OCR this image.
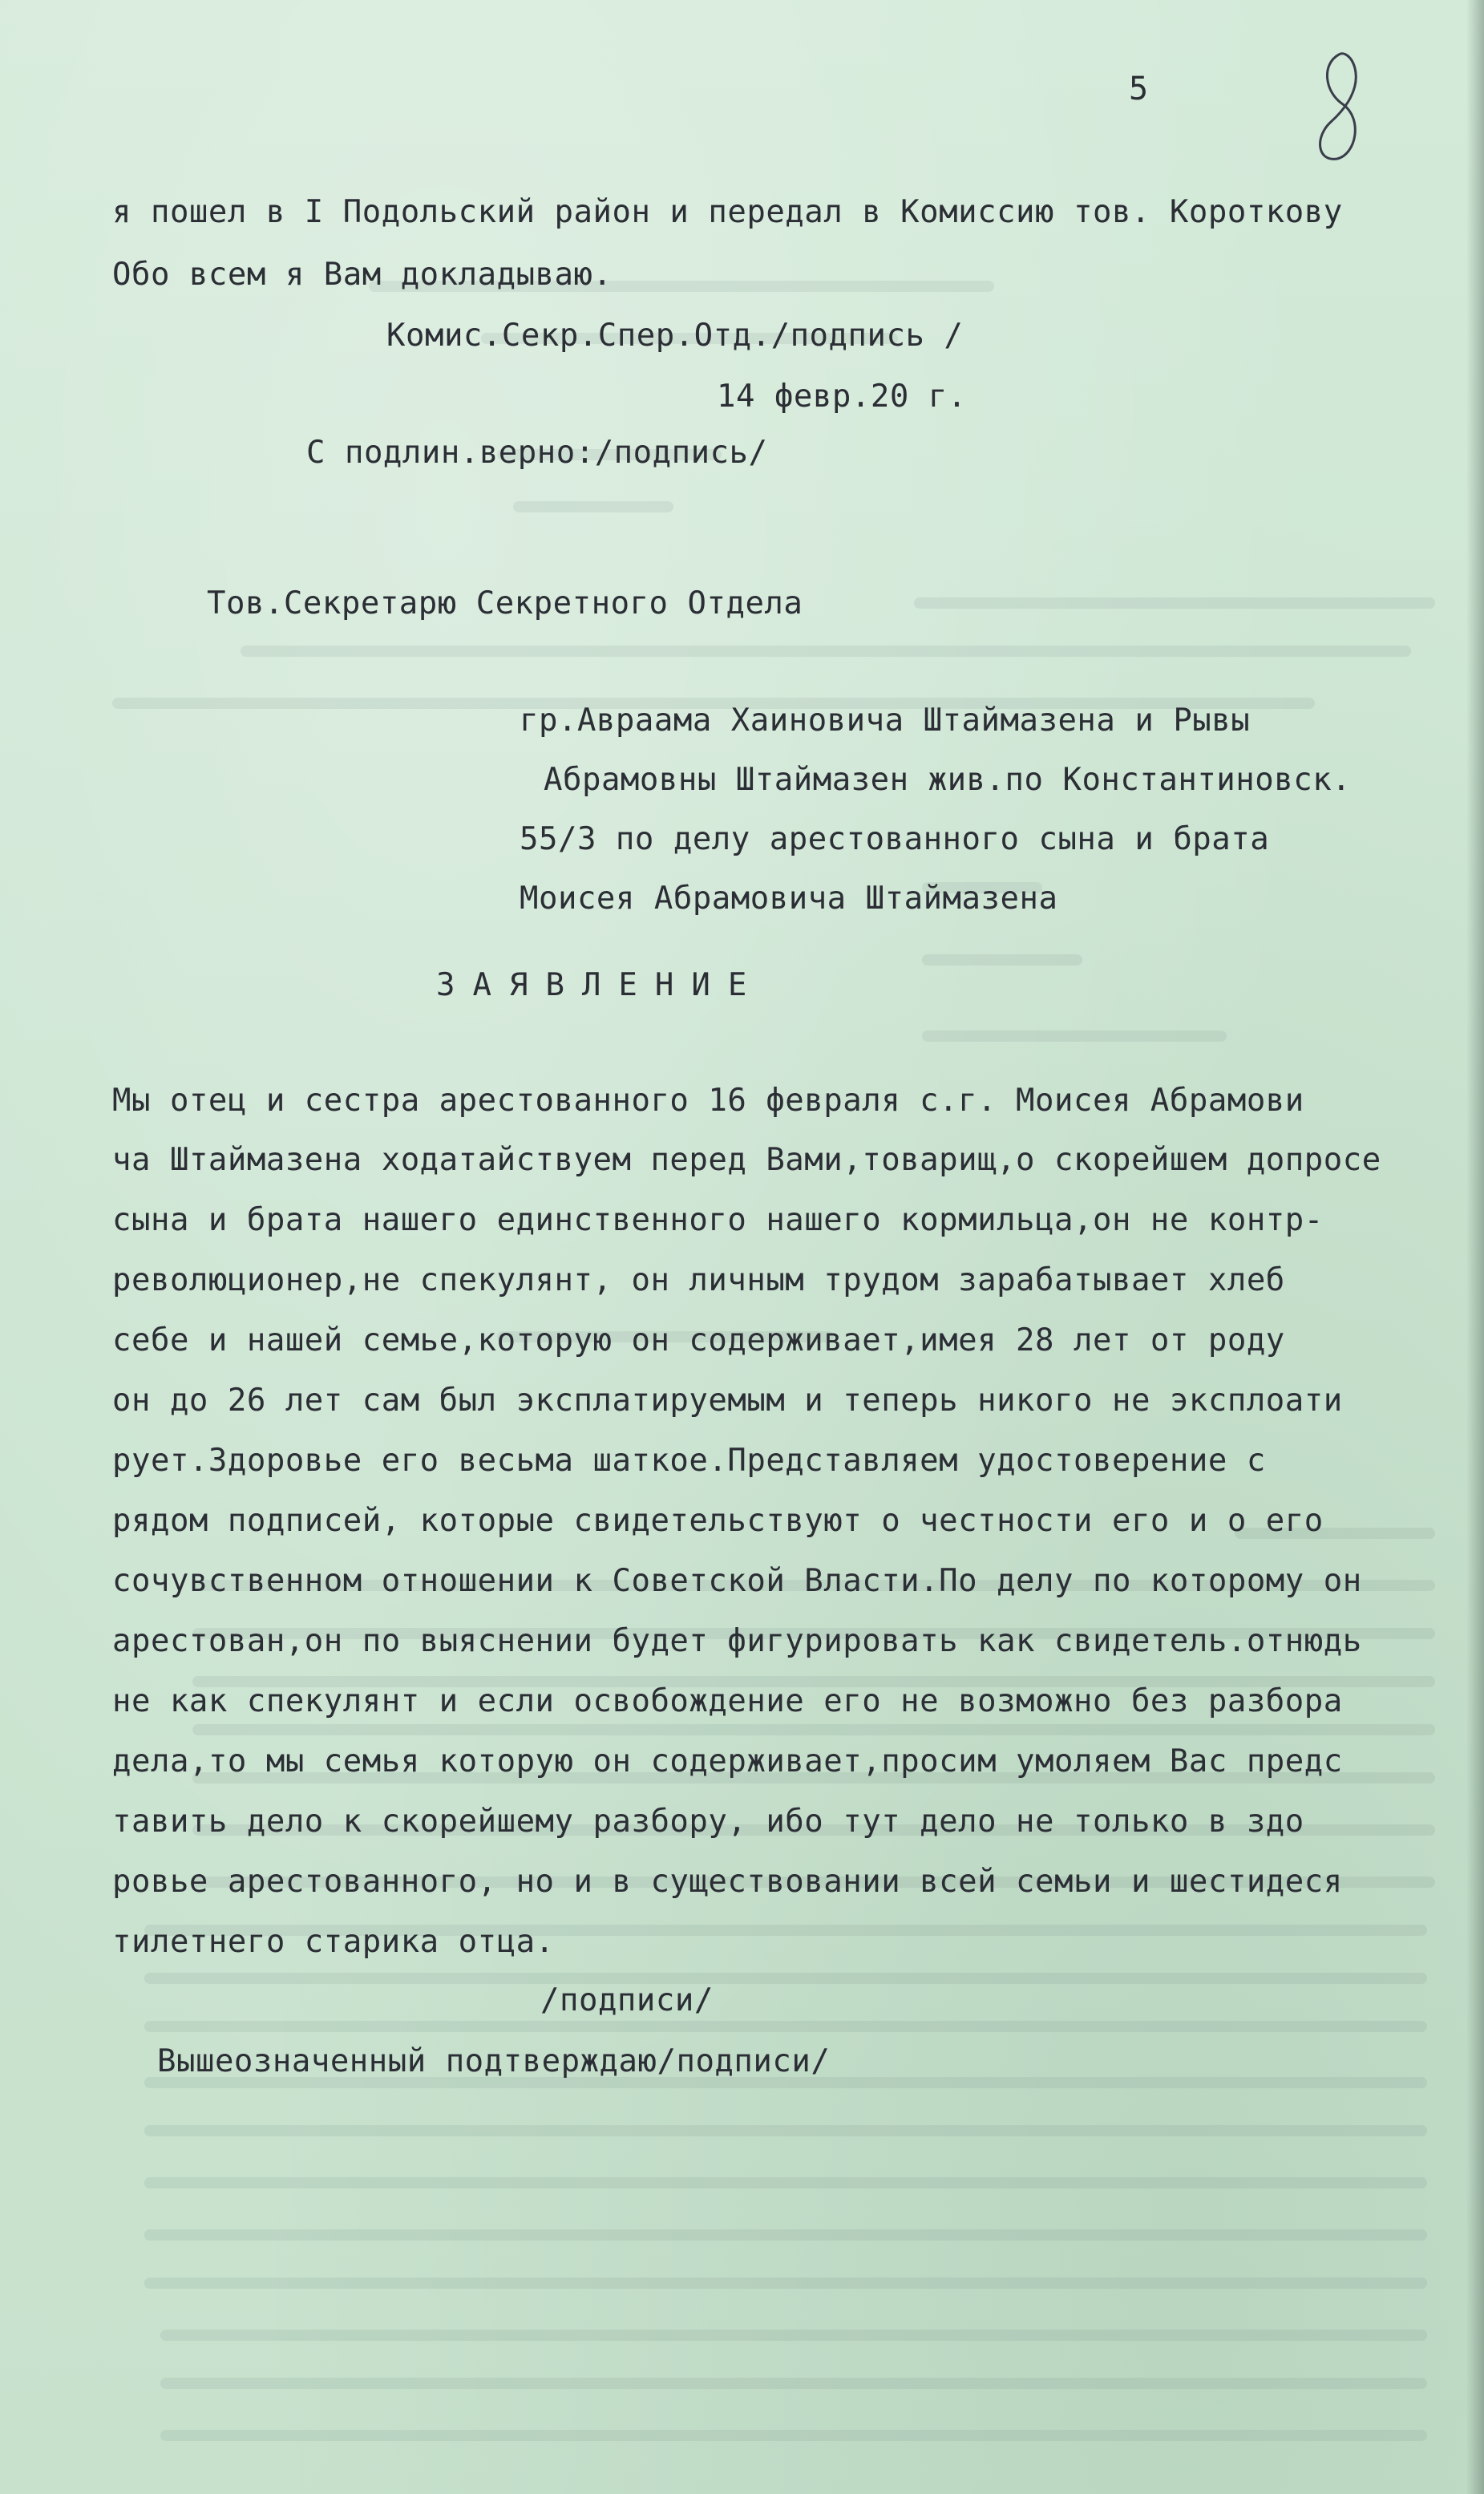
5
я пошел в I Подольский район и передал в Комиссию тов. Короткову
Обо всем я Вам докладываю.
Комис.Секр.Спер.Отд./подпись /
14 февр.20 г.
С подлин.верно:/подпись/
Тов.Секретарю Секретного Отдела
гр.Авраама Хаиновича Штаймазена и Рывы
Абрамовны Штаймазен жив.по Константиновск.
55/3 по делу арестованного сына и брата
Моисея Абрамовича Штаймазена
ЗАЯВЛЕНИЕ
Мы отец и сестра арестованного 16 февраля с.г. Моисея Абрамови
ча Штаймазена ходатайствуем перед Вами,товарищ,о скорейшем допросе
сына и брата нашего единственного нашего кормильца,он не контр-
революционер,не спекулянт, он личным трудом зарабатывает хлеб
себе и нашей семье,которую он содерживает,имея 28 лет от роду
он до 26 лет сам был эксплатируемым и теперь никого не эксплоати
рует.Здоровье его весьма шаткое.Представляем удостоверение с
рядом подписей, которые свидетельствуют о честности его и о его
сочувственном отношении к Советской Власти.По делу по которому он
арестован,он по выяснении будет фигурировать как свидетель.отнюдь
не как спекулянт и если освобождение его не возможно без разбора
дела,то мы семья которую он содерживает,просим умоляем Вас предс
тавить дело к скорейшему разбору, ибо тут дело не только в здо
ровье арестованного, но и в существовании всей семьи и шестидеся
тилетнего старика отца.
/подписи/
Вышеозначенный подтверждаю/подписи/
